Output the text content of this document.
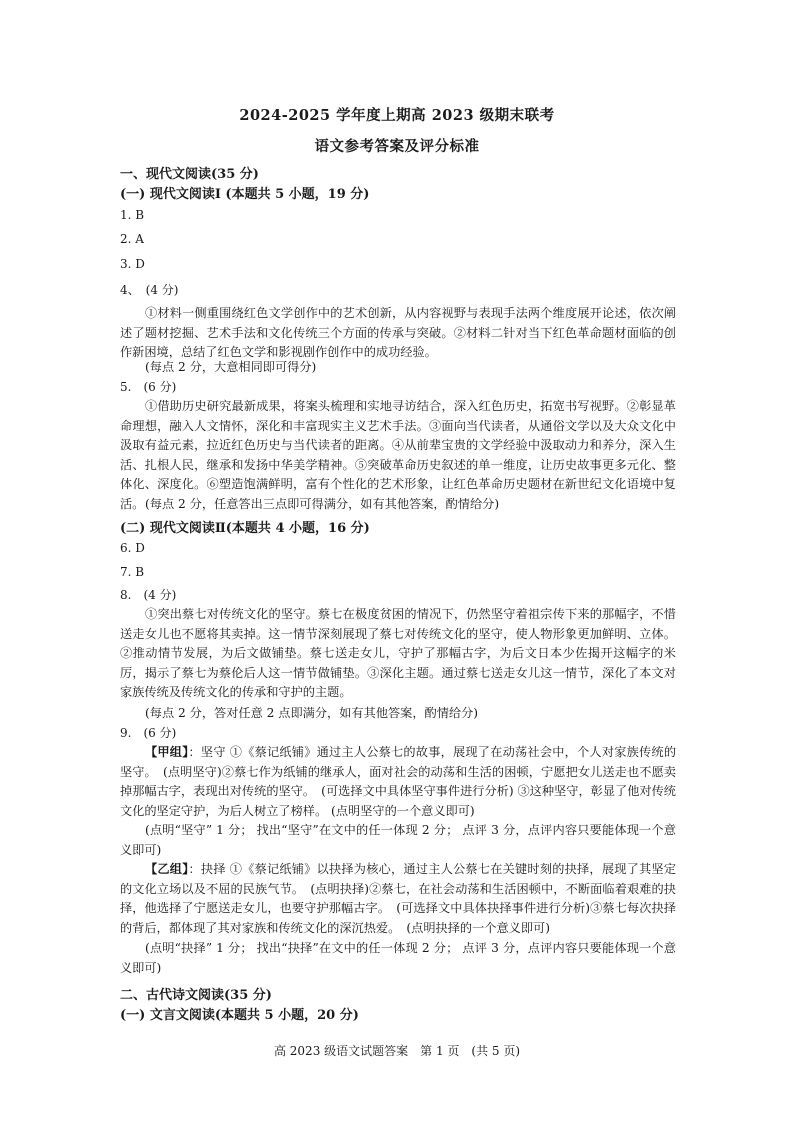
2024-2025 学年度上期高 2023 级期末联考
语文参考答案及评分标准
一、现代文阅读(35 分)
(一) 现代文阅读Ⅰ (本题共 5 小题，19 分)
1. B
2. A
3. D
4、　(4 分)
①材料一侧重围绕红色文学创作中的艺术创新，从内容视野与表现手法两个维度展开论述，依次阐述了题材挖掘、艺术手法和文化传统三个方面的传承与突破。②材料二针对当下红色革命题材面临的创作新困境，总结了红色文学和影视剧作创作中的成功经验。
(每点 2 分，大意相同即可得分)
5.　(6 分)
①借助历史研究最新成果，将案头梳理和实地寻访结合，深入红色历史，拓宽书写视野。②彰显革命理想，融入人文情怀，深化和丰富现实主义艺术手法。③面向当代读者，从通俗文学以及大众文化中汲取有益元素，拉近红色历史与当代读者的距离。④从前辈宝贵的文学经验中汲取动力和养分，深入生活、扎根人民，继承和发扬中华美学精神。⑤突破革命历史叙述的单一维度，让历史故事更多元化、整体化、深度化。⑥塑造饱满鲜明，富有个性化的艺术形象，让红色革命历史题材在新世纪文化语境中复活。 (每点 2 分，任意答出三点即可得满分，如有其他答案，酌情给分)
(二) 现代文阅读Ⅱ(本题共 4 小题，16 分)
6. D
7. B
8.　(4 分)
①突出蔡七对传统文化的坚守。蔡七在极度贫困的情况下，仍然坚守着祖宗传下来的那幅字，不惜送走女儿也不愿将其卖掉。这一情节深刻展现了蔡七对传统文化的坚守，使人物形象更加鲜明、立体。②推动情节发展，为后文做铺垫。蔡七送走女儿，守护了那幅古字，为后文日本少佐揭开这幅字的米厉，揭示了蔡七为蔡伦后人这一情节做铺垫。③深化主题。通过蔡七送走女儿这一情节，深化了本文对家族传统及传统文化的传承和守护的主题。
(每点 2 分，答对任意 2 点即满分，如有其他答案，酌情给分)
9.　(6 分)
【甲组】：坚守 ①《蔡记纸铺》通过主人公蔡七的故事，展现了在动荡社会中，个人对家族传统的坚守。　(点明坚守)②蔡七作为纸铺的继承人，面对社会的动荡和生活的困顿，宁愿把女儿送走也不愿卖掉那幅古字，表现出对传统的坚守。　(可选择文中具体坚守事件进行分析) ③这种坚守，彰显了他对传统文化的坚定守护，为后人树立了榜样。 (点明坚守的一个意义即可)
(点明“坚守” 1 分； 找出“坚守”在文中的任一体现 2 分； 点评 3 分，点评内容只要能体现一个意义即可)
【乙组】：抉择 ①《蔡记纸铺》以抉择为核心，通过主人公蔡七在关键时刻的抉择，展现了其坚定的文化立场以及不屈的民族气节。　(点明抉择)②蔡七，在社会动荡和生活困顿中，不断面临着艰难的抉择，他选择了宁愿送走女儿，也要守护那幅古字。　(可选择文中具体抉择事件进行分析)③蔡七每次抉择的背后，都体现了其对家族和传统文化的深沉热爱。　(点明抉择的一个意义即可)
(点明“抉择” 1 分； 找出“抉择”在文中的任一体现 2 分； 点评 3 分，点评内容只要能体现一个意义即可)
二、古代诗文阅读(35 分)
(一) 文言文阅读(本题共 5 小题，20 分)
高 2023 级语文试题答案　第 1 页　(共 5 页)
